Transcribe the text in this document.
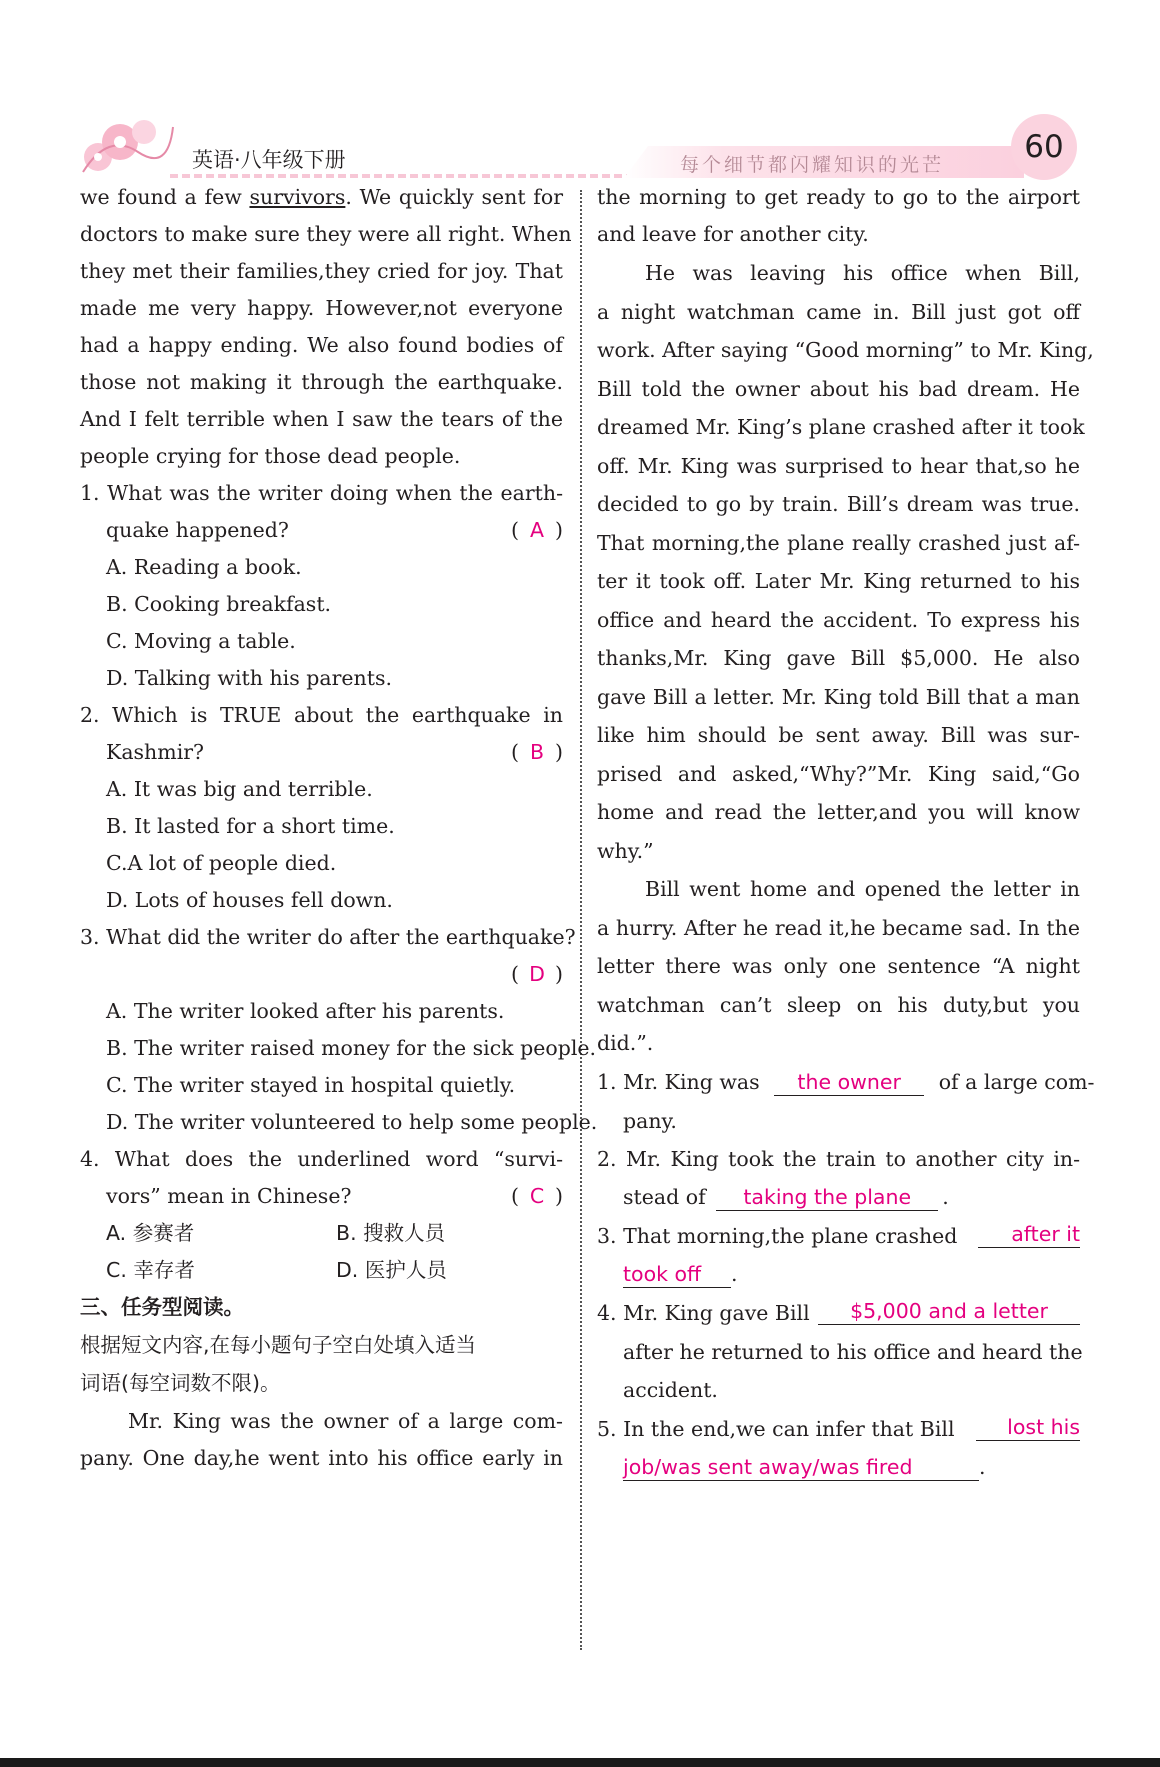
英语·八年级下册	每个细节都闪耀知识的光芒	60
we found a few survivors. We quickly sent for
doctors to make sure they were all right. When
they met their families,they cried for joy. That
made me very happy. However,not everyone
had a happy ending. We also found bodies of
those not making it through the earthquake.
And I felt terrible when I saw the tears of the
people crying for those dead people.
1. What was the writer doing when the earth-
quake happened?	( A )
A. Reading a book.
B. Cooking breakfast.
C. Moving a table.
D. Talking with his parents.
2. Which is TRUE about the earthquake in
Kashmir?	( B )
A. It was big and terrible.
B. It lasted for a short time.
C.A lot of people died.
D. Lots of houses fell down.
3. What did the writer do after the earthquake?
( D )
A. The writer looked after his parents.
B. The writer raised money for the sick people.
C. The writer stayed in hospital quietly.
D. The writer volunteered to help some people.
4. What does the underlined word “survi-
vors” mean in Chinese?	( C )
A. 参赛者	B. 搜救人员
C. 幸存者	D. 医护人员
三、任务型阅读。
根据短文内容,在每小题句子空白处填入适当
词语(每空词数不限)。
Mr. King was the owner of a large com-
pany. One day,he went into his office early in
the morning to get ready to go to the airport
and leave for another city.
He was leaving his office when Bill,
a night watchman came in. Bill just got off
work. After saying “Good morning” to Mr. King,
Bill told the owner about his bad dream. He
dreamed Mr. King’s plane crashed after it took
off. Mr. King was surprised to hear that,so he
decided to go by train. Bill’s dream was true.
That morning,the plane really crashed just af-
ter it took off. Later Mr. King returned to his
office and heard the accident. To express his
thanks,Mr. King gave Bill $5,000. He also
gave Bill a letter. Mr. King told Bill that a man
like him should be sent away. Bill was sur-
prised and asked,“Why?”Mr. King said,“Go
home and read the letter,and you will know
why.”
Bill went home and opened the letter in
a hurry. After he read it,he became sad. In the
letter there was only one sentence “A night
watchman can’t sleep on his duty,but you
did.”.
1. Mr. King was the owner of a large com-
pany.
2. Mr. King took the train to another city in-
stead of taking the plane .
3. That morning,the plane crashed	after it
took off .
4. Mr. King gave Bill	$5,000 and a letter
after he returned to his office and heard the
accident.
5. In the end,we can infer that Bill	lost his
job/was sent away/was fired	.
